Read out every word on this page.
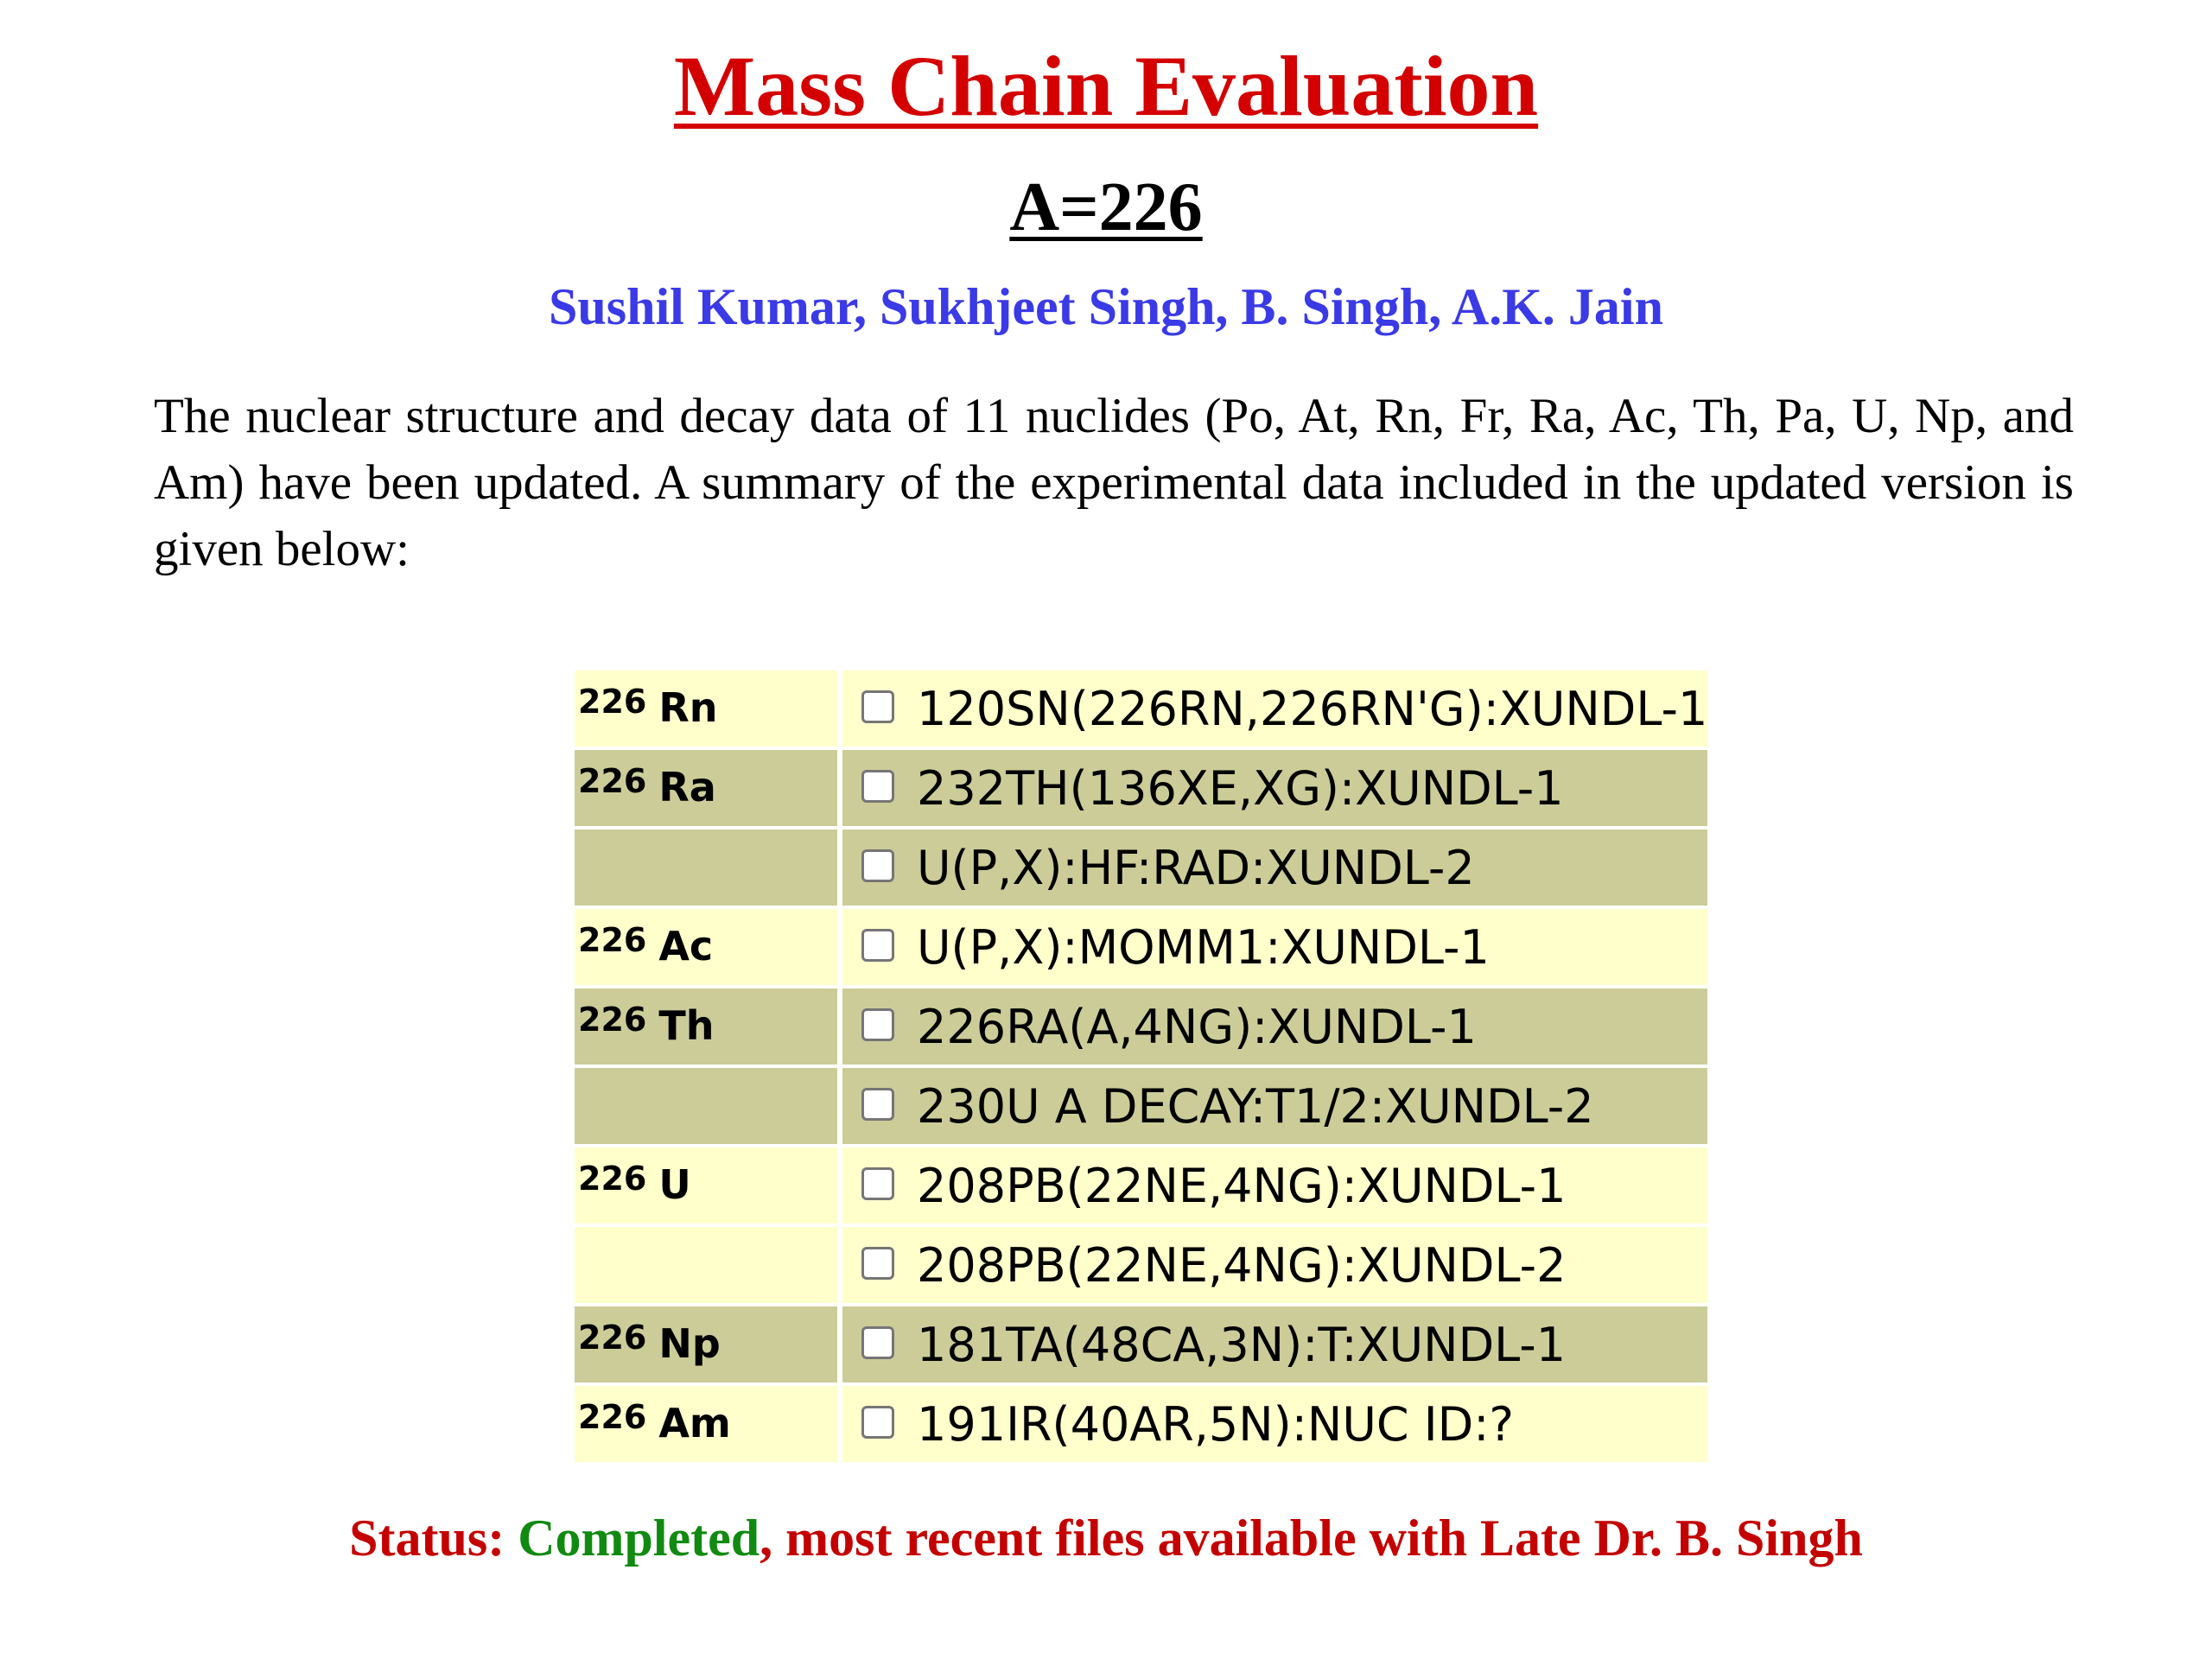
Mass Chain Evaluation
A=226
Sushil Kumar, Sukhjeet Singh, B. Singh, A.K. Jain
The nuclear structure and decay data of 11 nuclides (Po, At, Rn, Fr, Ra, Ac, Th, Pa, U, Np, and Am) have been updated. A summary of the experimental data included in the updated version is given below:
226 Rn	120SN(226RN,226RN'G):XUNDL-1

226 Ra	232TH(136XE,XG):XUNDL-1

	U(P,X):HF:RAD:XUNDL-2

226 Ac	U(P,X):MOMM1:XUNDL-1

226 Th	226RA(A,4NG):XUNDL-1

	230U A DECAY:T1/2:XUNDL-2

226 U	208PB(22NE,4NG):XUNDL-1

	208PB(22NE,4NG):XUNDL-2

226 Np	181TA(48CA,3N):T:XUNDL-1

226 Am	191IR(40AR,5N):NUC ID:?
Status: Completed, most recent files available with Late Dr. B. Singh
